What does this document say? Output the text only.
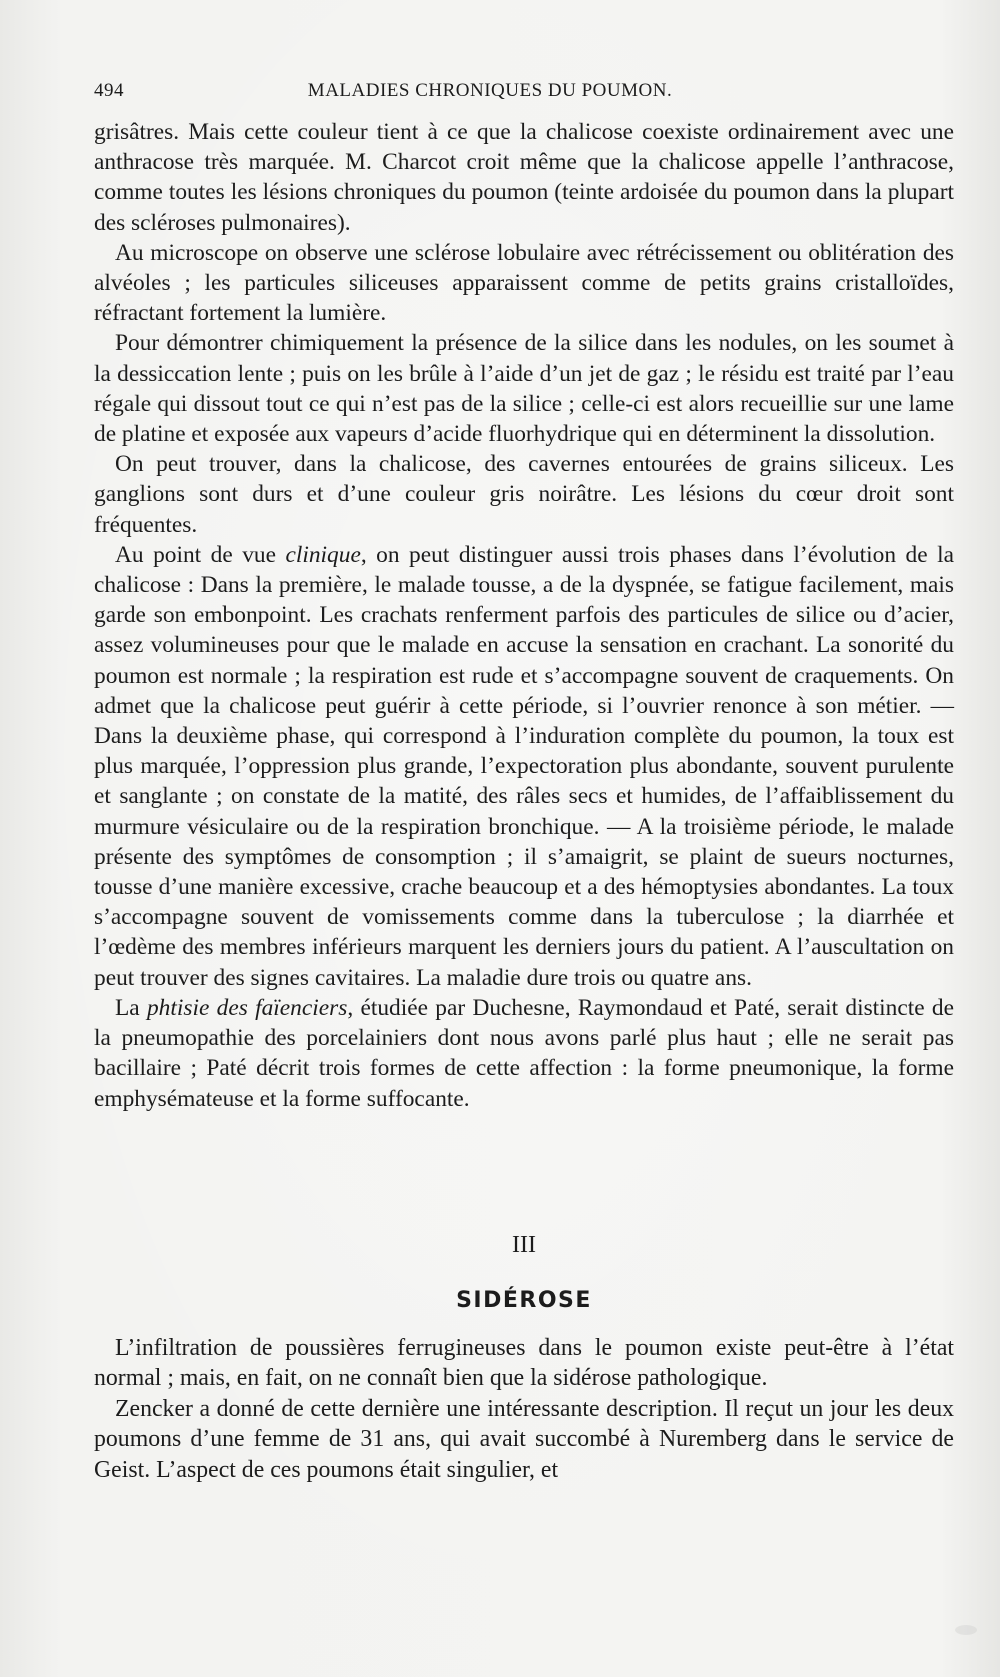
494	MALADIES CHRONIQUES DU POUMON.

grisâtres. Mais cette couleur tient à ce que la chalicose coexiste ordinairement avec une anthracose très marquée. M. Charcot croit même que la chalicose appelle l’anthracose, comme toutes les lésions chroniques du poumon (teinte ardoisée du poumon dans la plupart des scléroses pulmonaires).

Au microscope on observe une sclérose lobulaire avec rétrécissement ou oblitération des alvéoles ; les particules siliceuses apparaissent comme de petits grains cristalloïdes, réfractant fortement la lumière.

Pour démontrer chimiquement la présence de la silice dans les nodules, on les soumet à la dessiccation lente ; puis on les brûle à l’aide d’un jet de gaz ; le résidu est traité par l’eau régale qui dissout tout ce qui n’est pas de la silice ; celle-ci est alors recueillie sur une lame de platine et exposée aux vapeurs d’acide fluorhydrique qui en déterminent la dissolution.

On peut trouver, dans la chalicose, des cavernes entourées de grains siliceux. Les ganglions sont durs et d’une couleur gris noirâtre. Les lésions du cœur droit sont fréquentes.

Au point de vue clinique, on peut distinguer aussi trois phases dans l’évolution de la chalicose : Dans la première, le malade tousse, a de la dyspnée, se fatigue facilement, mais garde son embonpoint. Les crachats renferment parfois des particules de silice ou d’acier, assez volumineuses pour que le malade en accuse la sensation en crachant. La sonorité du poumon est normale ; la respiration est rude et s’accompagne souvent de craquements. On admet que la chalicose peut guérir à cette période, si l’ouvrier renonce à son métier. — Dans la deuxième phase, qui correspond à l’induration complète du poumon, la toux est plus marquée, l’oppression plus grande, l’expectoration plus abondante, souvent purulente et sanglante ; on constate de la matité, des râles secs et humides, de l’affaiblissement du murmure vésiculaire ou de la respiration bronchique. — A la troisième période, le malade présente des symptômes de consomption ; il s’amaigrit, se plaint de sueurs nocturnes, tousse d’une manière excessive, crache beaucoup et a des hémoptysies abondantes. La toux s’accompagne souvent de vomissements comme dans la tuberculose ; la diarrhée et l’œdème des membres inférieurs marquent les derniers jours du patient. A l’auscultation on peut trouver des signes cavitaires. La maladie dure trois ou quatre ans.

La phtisie des faïenciers, étudiée par Duchesne, Raymondaud et Paté, serait distincte de la pneumopathie des porcelainiers dont nous avons parlé plus haut ; elle ne serait pas bacillaire ; Paté décrit trois formes de cette affection : la forme pneumonique, la forme emphysémateuse et la forme suffocante.

III
SIDÉROSE

L’infiltration de poussières ferrugineuses dans le poumon existe peut-être à l’état normal ; mais, en fait, on ne connaît bien que la sidérose pathologique.

Zencker a donné de cette dernière une intéressante description. Il reçut un jour les deux poumons d’une femme de 31 ans, qui avait succombé à Nuremberg dans le service de Geist. L’aspect de ces poumons était singulier, et
